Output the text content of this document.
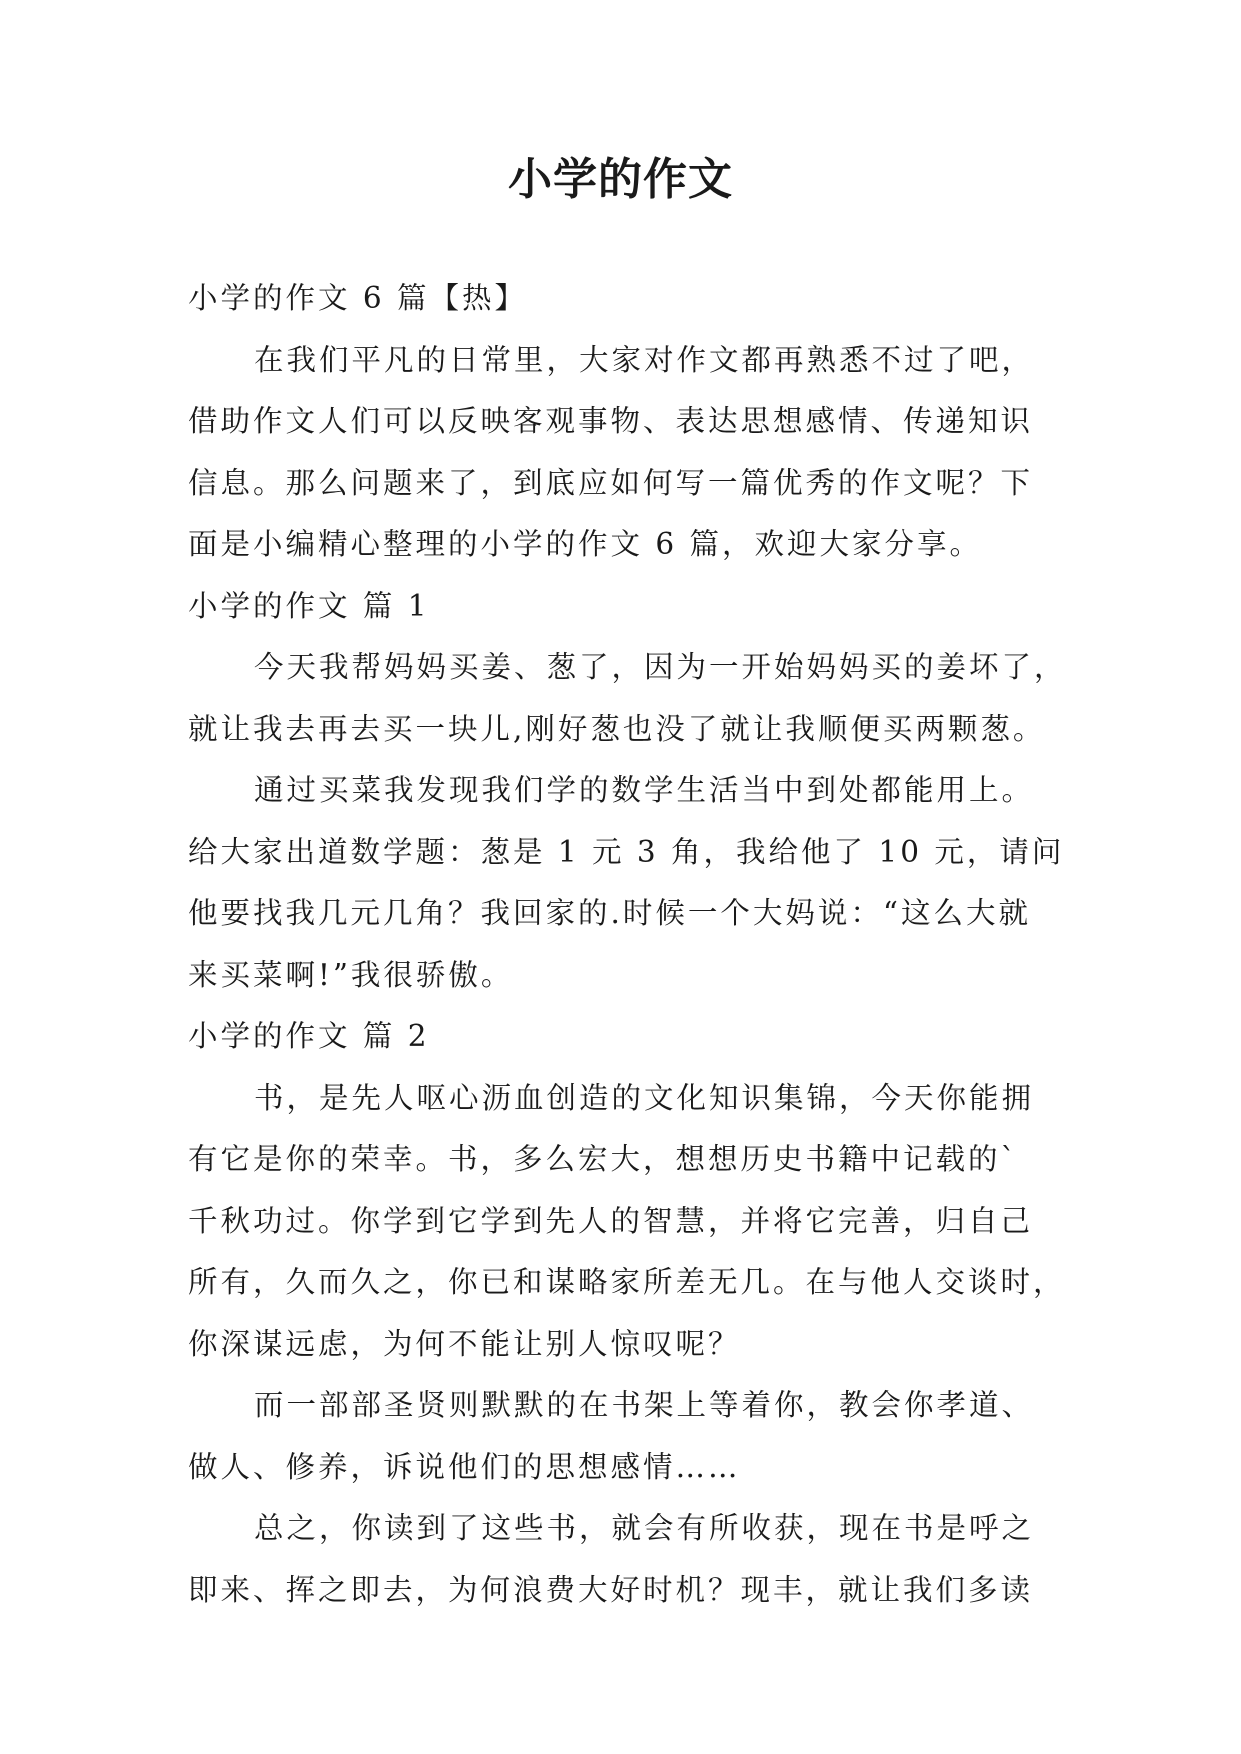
小学的作文
小学的作文 6 篇【热】
在我们平凡的日常里，大家对作文都再熟悉不过了吧，
借助作文人们可以反映客观事物、表达思想感情、传递知识
信息。那么问题来了，到底应如何写一篇优秀的作文呢？下
面是小编精心整理的小学的作文 6 篇，欢迎大家分享。
小学的作文 篇 1
今天我帮妈妈买姜、葱了，因为一开始妈妈买的姜坏了，
就让我去再去买一块儿,刚好葱也没了就让我顺便买两颗葱。
通过买菜我发现我们学的数学生活当中到处都能用上。
给大家出道数学题：葱是 1 元 3 角，我给他了 10 元，请问
他要找我几元几角？我回家的.时候一个大妈说：“这么大就
来买菜啊!”我很骄傲。
小学的作文 篇 2
书，是先人呕心沥血创造的文化知识集锦，今天你能拥
有它是你的荣幸。书，多么宏大，想想历史书籍中记载的`
千秋功过。你学到它学到先人的智慧，并将它完善，归自己
所有，久而久之，你已和谋略家所差无几。在与他人交谈时，
你深谋远虑，为何不能让别人惊叹呢？
而一部部圣贤则默默的在书架上等着你，教会你孝道、
做人、修养，诉说他们的思想感情……
总之，你读到了这些书，就会有所收获，现在书是呼之
即来、挥之即去，为何浪费大好时机？现丰，就让我们多读
